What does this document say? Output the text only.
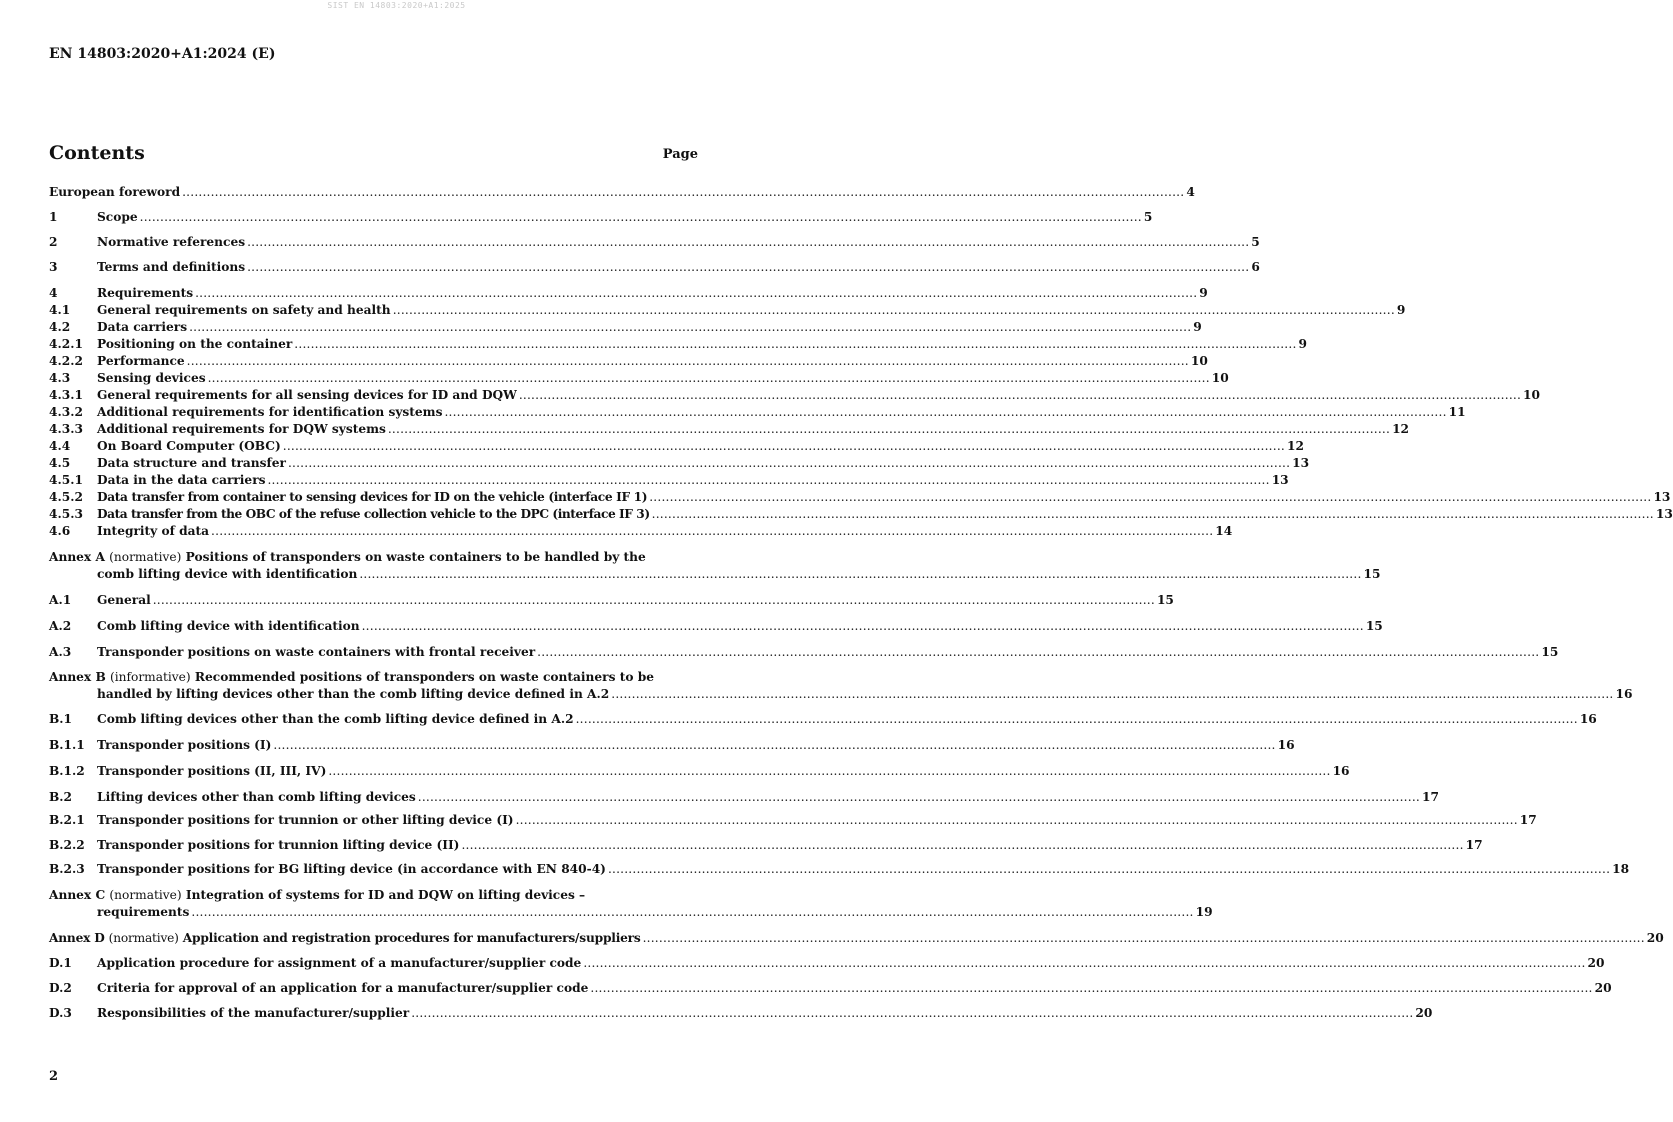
SIST EN 14803:2020+A1:2025
EN 14803:2020+A1:2024 (E)
Contents	Page
European foreword .....	4
1	Scope .....	5
2	Normative references .....	5
3	Terms and definitions .....	6
4	Requirements .....	9
4.1	General requirements on safety and health .....	9
4.2	Data carriers .....	9
4.2.1	Positioning on the container .....	9
4.2.2	Performance .....	10
4.3	Sensing devices .....	10
4.3.1	General requirements for all sensing devices for ID and DQW .....	10
4.3.2	Additional requirements for identification systems .....	11
4.3.3	Additional requirements for DQW systems .....	12
4.4	On Board Computer (OBC) .....	12
4.5	Data structure and transfer .....	13
4.5.1	Data in the data carriers .....	13
4.5.2	Data transfer from container to sensing devices for ID on the vehicle (interface IF 1) .....	13
4.5.3	Data transfer from the OBC of the refuse collection vehicle to the DPC (interface IF 3) .....	13
4.6	Integrity of data .....	14
Annex A (normative) Positions of transponders on waste containers to be handled by the
comb lifting device with identification .....	15
A.1	General .....	15
A.2	Comb lifting device with identification .....	15
A.3	Transponder positions on waste containers with frontal receiver .....	15
Annex B (informative) Recommended positions of transponders on waste containers to be
handled by lifting devices other than the comb lifting device defined in A.2 .....	16
B.1	Comb lifting devices other than the comb lifting device defined in A.2 .....	16
B.1.1	Transponder positions (I) .....	16
B.1.2	Transponder positions (II, III, IV) .....	16
B.2	Lifting devices other than comb lifting devices .....	17
B.2.1	Transponder positions for trunnion or other lifting device (I) .....	17
B.2.2	Transponder positions for trunnion lifting device (II) .....	17
B.2.3	Transponder positions for BG lifting device (in accordance with EN 840-4) .....	18
Annex C (normative) Integration of systems for ID and DQW on lifting devices –
requirements .....	19
Annex D (normative) Application and registration procedures for manufacturers/suppliers .....	20
D.1	Application procedure for assignment of a manufacturer/supplier code .....	20
D.2	Criteria for approval of an application for a manufacturer/supplier code .....	20
D.3	Responsibilities of the manufacturer/supplier .....	20
2
